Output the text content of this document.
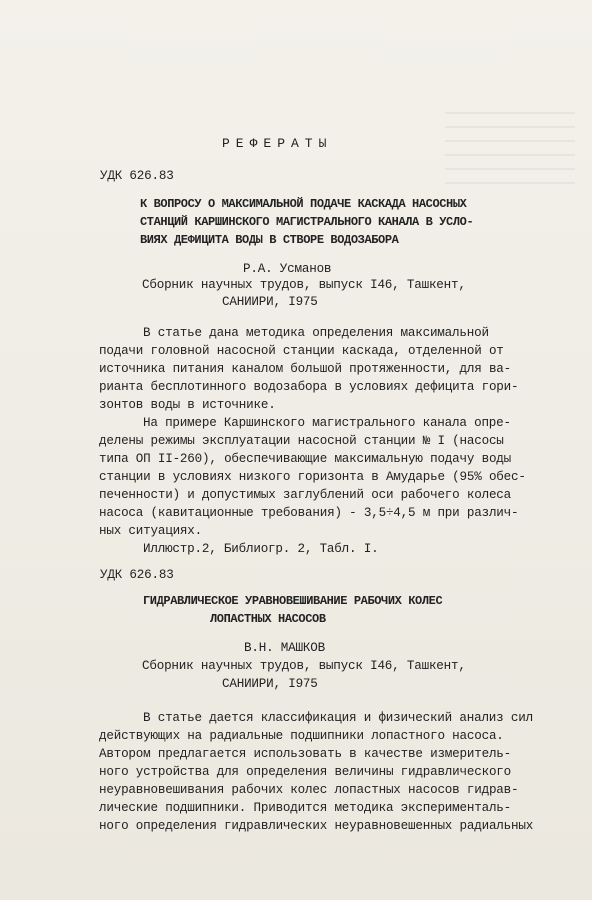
РЕФЕРАТЫ
УДК 626.83
К ВОПРОСУ О МАКСИМАЛЬНОЙ ПОДАЧЕ КАСКАДА НАСОСНЫХ
СТАНЦИЙ КАРШИНСКОГО МАГИСТРАЛЬНОГО КАНАЛА В УСЛО-
ВИЯХ ДЕФИЦИТА ВОДЫ В СТВОРЕ ВОДОЗАБОРА
Р.А. Усманов
Сборник научных трудов, выпуск I46, Ташкент,
САНИИРИ, I975
В статье дана методика определения максимальной
подачи головной насосной станции каскада, отделенной от
источника питания каналом большой протяженности, для ва-
рианта бесплотинного водозабора в условиях дефицита гори-
зонтов воды в источнике.
На примере Каршинского магистрального канала опре-
делены режимы эксплуатации насосной станции № I (насосы
типа ОП II-260), обеспечивающие максимальную подачу воды
станции в условиях низкого горизонта в Амударье (95% обес-
печенности) и допустимых заглублений оси рабочего колеса
насоса (кавитационные требования) - 3,5÷4,5 м при различ-
ных ситуациях.
Иллюстр.2, Библиогр. 2, Табл. I.
УДК 626.83
ГИДРАВЛИЧЕСКОЕ УРАВНОВЕШИВАНИЕ РАБОЧИХ КОЛЕС
ЛОПАСТНЫХ НАСОСОВ
В.Н. МАШКОВ
Сборник научных трудов, выпуск I46, Ташкент,
САНИИРИ, I975
В статье дается классификация и физический анализ сил
действующих на радиальные подшипники лопастного насоса.
Автором предлагается использовать в качестве измеритель-
ного устройства для определения величины гидравлического
неуравновешивания рабочих колес лопастных насосов гидрав-
лические подшипники. Приводится методика эксперименталь-
ного определения гидравлических неуравновешенных радиальных
